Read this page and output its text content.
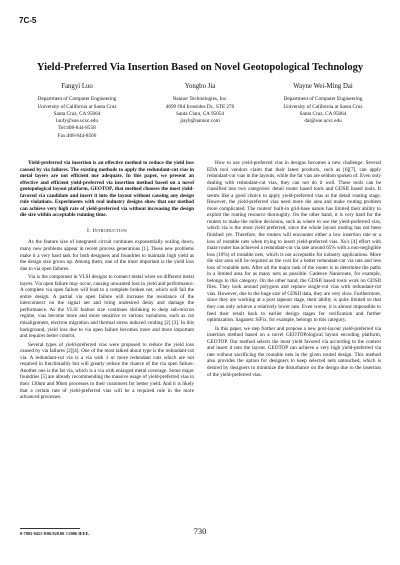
7C-5
Yield-Preferred Via Insertion Based on Novel Geotopological Technology
Fangyi Luo
Department of Computer Engineering
University of California at Santa Cruz
Santa Cruz, CA 95064
luofy@soe.ucsc.edu
Tel:408-844-8558
Fax:408-844-8566
Yongbo Jia
Nannor Technologies, Inc.
4699 Old Ironsides Dr., STE 270
Santa Clara, CA 95054
jiayb@nannor.com
Wayne Wei-Ming Dai
Department of Computer Engineering
University of California at Santa Cruz
Santa Cruz, CA 95064
dai@soe.ucsc.edu

Yield-preferred via insertion is an effective method to reduce the yield loss caused by via failures. The existing methods to apply the redundant-cut vias in metal layers are not efficient nor adequate. In this paper, we present an effective and efficient yield-preferred via insertion method based on a novel geotopological layout platform, GEOTOP, that method chooses the most yield-favored via candidate and insert it into the layout without causing any design rule violations. Experiments with real industry designs show that our method can achieve very high rate of yield-preferred via without increasing the design die size within acceptable running time.

I. Introduction

As the feature size of integrated circuit continues exponentially scaling down, many new problems appear in recent process generations [1]. These new problems make it a very hard task for both designers and foundries to maintain high yield as the design size grows up. Among them, one of the most important is the yield loss due to via open failures.

Via is the component in VLSI designs to connect metal wires on different metal layers. Via open failure may occur, causing unwanted loss in yield and performance. A complete via open failure will lead to a complete broken net, which will fail the entire design. A partial via open failure will increase the resistance of the interconnect on the signal net and bring undesired delay and damage the performance. As the VLSI feature size continues shrinking to deep sub-micron regime, vias become more and more sensitive to various variations, such as cut misalignment, electron migration and thermal stress induced voiding [2] [3]. In this background, yield loss due to via open failure becomes more and more important and requires better control.

Several types of yield-preferred vias were proposed to reduce the yield loss caused by via failures [2][4]. One of the most talked about type is the redundant-cut via. A redundant-cut via is a via with 1 or more redundant cuts which are not required in functionality but will greatly reduce the chance of the via open failure. Another one is the fat via, which is a via with enlarged metal coverage. Some major foundries [5] are already recommending the massive usage of yield-preferred vias in their 130nm and 90nm processes to their customers for better yield. And it is likely that a certain rate of yield-preferred vias will be a required rule in the more advanced processes.

How to use yield-preferred vias in designs becomes a new challenge. Several EDA tool vendors claim that their latest products, such as [6][7], can apply redundant-cut vias in the layouts, while the fat vias are seldom spoken of. Even only dealing with redundant-cut vias, they can not do it well. These tools can be classified into two categories: detail router based tools and GDSII based tools. It seems like a good choice to apply yield-preferred vias at the detail routing stage. However, the yield-preferred vias need more die area and make routing problem more complicated. The routers' built-in grid-base nature has limited their ability to exploit the routing resource thoroughly. On the other hand, it is very hard for the routers to make the online decisions, such as where to use the yield-preferred vias, which via is the most yield preferred, since the whole layout routing has not been finished yet. Therefore, the routers will encounter either a low insertion rate or a loss of routable nets when trying to insert yield-preferred vias. Xu's [4] effort with maze router has achieved a redundant-cut via rate around 65% with a non-negligible loss (10%) of routable nets, which is not acceptable for industry applications. More die size area will be required as the cost for a better redundant-cut via rate and less loss of routable nets. After all the major task of the router is to determine the paths in a limited area for as many nets as possible. Cadence Nanoroute, for example, belongs to this category. On the other hand, the GDSII based tools work on GDSII files. They look around polygons and replace single-cut vias with redundant-cut vias. However, due to the huge size of GDSII data, they are very slow. Furthermore, since they are working at a post tapeout stage, their ability is quite limited so that they can only achieve a relatively lower rate. Even worse, it is almost impossible to feed their result back to earlier design stages for verification and further optimization. Saganetc SiFix, for example, belongs to this category.

In this paper, we step further and propose a new post-layout yield-preferred via insertion method based on a novel GEOTOPological layout encoding platform, GEOTOP. Our method selects the most yield favored via according to the context and insert it into the layout. GEOTOP can achieve a very high yield-preferred via rate without sacrificing the routable nets in the given routed design. This method also provides the option for designers to keep selected nets untouched, which is desired by designers to minimize the disturbance on the design due to the insertion of the yield-preferred vias.

0-7803-9451-8/06/$20.00 ©2006 IEEE.	730
